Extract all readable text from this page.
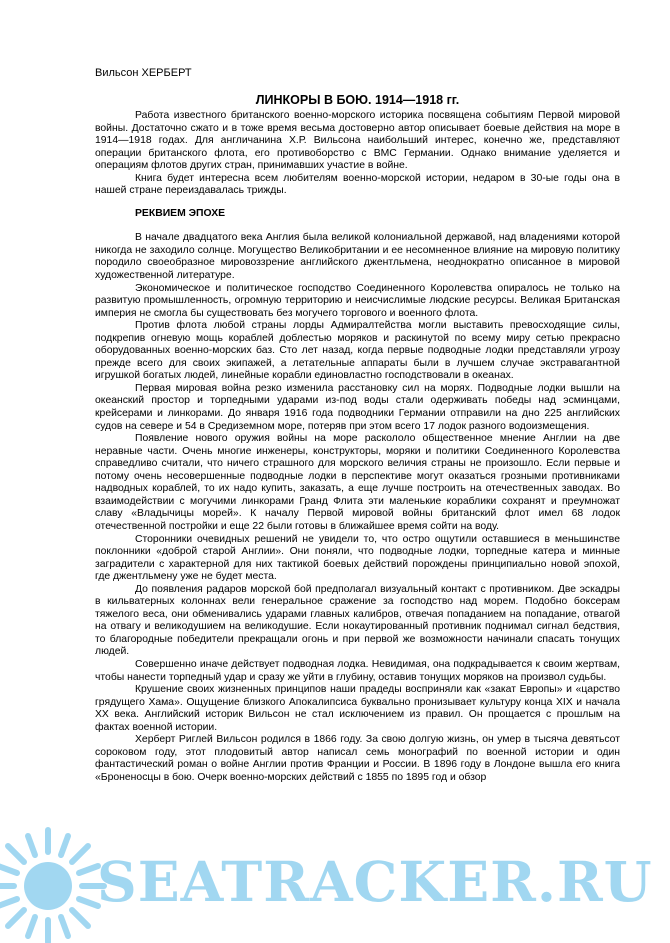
Вильсон ХЕРБЕРТ
ЛИНКОРЫ В БОЮ. 1914—1918 гг.

Работа известного британского военно-морского историка посвящена событиям Первой мировой войны. Достаточно сжато и в тоже время весьма достоверно автор описывает боевые действия на море в 1914—1918 годах. Для англичанина Х.Р. Вильсона наибольший интерес, конечно же, представляют операции британского флота, его противоборство с ВМС Германии. Однако внимание уделяется и операциям флотов других стран, принимавших участие в войне.

Книга будет интересна всем любителям военно-морской истории, недаром в 30-ые годы она в нашей стране переиздавалась трижды.

РЕКВИЕМ ЭПОХЕ

В начале двадцатого века Англия была великой колониальной державой, над владениями которой никогда не заходило солнце. Могущество Великобритании и ее несомненное влияние на мировую политику породило своеобразное мировоззрение английского джентльмена, неоднократно описанное в мировой художественной литературе.

Экономическое и политическое господство Соединенного Королевства опиралось не только на развитую промышленность, огромную территорию и неисчислимые людские ресурсы. Великая Британская империя не смогла бы существовать без могучего торгового и военного флота.

Против флота любой страны лорды Адмиралтейства могли выставить превосходящие силы, подкрепив огневую мощь кораблей доблестью моряков и раскинутой по всему миру сетью прекрасно оборудованных военно-морских баз. Сто лет назад, когда первые подводные лодки представляли угрозу прежде всего для своих экипажей, а летательные аппараты были в лучшем случае экстравагантной игрушкой богатых людей, линейные корабли единовластно господствовали в океанах.

Первая мировая война резко изменила расстановку сил на морях. Подводные лодки вышли на океанский простор и торпедными ударами из-под воды стали одерживать победы над эсминцами, крейсерами и линкорами. До января 1916 года подводники Германии отправили на дно 225 английских судов на севере и 54 в Средиземном море, потеряв при этом всего 17 лодок разного водоизмещения.

Появление нового оружия войны на море раскололо общественное мнение Англии на две неравные части. Очень многие инженеры, конструкторы, моряки и политики Соединенного Королевства справедливо считали, что ничего страшного для морского величия страны не произошло. Если первые и потому очень несовершенные подводные лодки в перспективе могут оказаться грозными противниками надводных кораблей, то их надо купить, заказать, а еще лучше построить на отечественных заводах. Во взаимодействии с могучими линкорами Гранд Флита эти маленькие кораблики сохранят и преумножат славу «Владычицы морей». К началу Первой мировой войны британский флот имел 68 лодок отечественной постройки и еще 22 были готовы в ближайшее время сойти на воду.

Сторонники очевидных решений не увидели то, что остро ощутили оставшиеся в меньшинстве поклонники «доброй старой Англии». Они поняли, что подводные лодки, торпедные катера и минные заградители с характерной для них тактикой боевых действий порождены принципиально новой эпохой, где джентльмену уже не будет места.

До появления радаров морской бой предполагал визуальный контакт с противником. Две эскадры в кильватерных колоннах вели генеральное сражение за господство над морем. Подобно боксерам тяжелого веса, они обменивались ударами главных калибров, отвечая попаданием на попадание, отвагой на отвагу и великодушием на великодушие. Если нокаутированный противник поднимал сигнал бедствия, то благородные победители прекращали огонь и при первой же возможности начинали спасать тонущих людей.

Совершенно иначе действует подводная лодка. Невидимая, она подкрадывается к своим жертвам, чтобы нанести торпедный удар и сразу же уйти в глубину, оставив тонущих моряков на произвол судьбы.

Крушение своих жизненных принципов наши прадеды восприняли как «закат Европы» и «царство грядущего Хама». Ощущение близкого Апокалипсиса буквально пронизывает культуру конца XIX и начала XX века. Английский историк Вильсон не стал исключением из правил. Он прощается с прошлым на фактах военной истории.

Херберт Риглей Вильсон родился в 1866 году. За свою долгую жизнь, он умер в тысяча девятьсот сороковом году, этот плодовитый автор написал семь монографий по военной истории и один фантастический роман о войне Англии против Франции и России. В 1896 году в Лондоне вышла его книга «Броненосцы в бою. Очерк военно-морских действий с 1855 по 1895 год и обзор

SEATRACKER.RU
